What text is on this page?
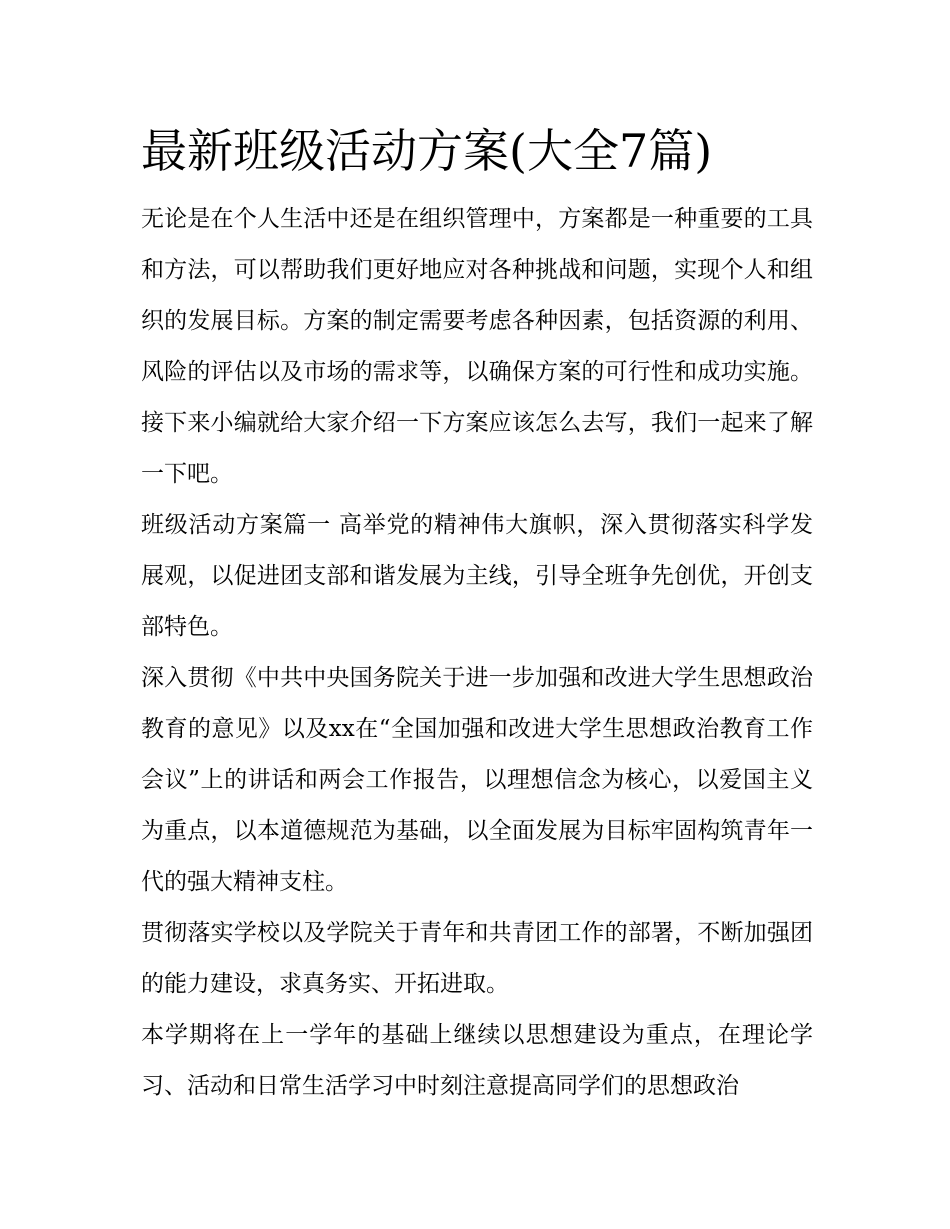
最新班级活动方案(大全7篇)

无论是在个人生活中还是在组织管理中，方案都是一种重要的工具和方法，可以帮助我们更好地应对各种挑战和问题，实现个人和组织的发展目标。方案的制定需要考虑各种因素，包括资源的利用、风险的评估以及市场的需求等，以确保方案的可行性和成功实施。接下来小编就给大家介绍一下方案应该怎么去写，我们一起来了解一下吧。

班级活动方案篇一 高举党的精神伟大旗帜，深入贯彻落实科学发展观，以促进团支部和谐发展为主线，引导全班争先创优，开创支部特色。

深入贯彻《中共中央国务院关于进一步加强和改进大学生思想政治教育的意见》以及xx在“全国加强和改进大学生思想政治教育工作会议”上的讲话和两会工作报告，以理想信念为核心，以爱国主义为重点，以本道德规范为基础，以全面发展为目标牢固构筑青年一代的强大精神支柱。

贯彻落实学校以及学院关于青年和共青团工作的部署，不断加强团的能力建设，求真务实、开拓进取。

本学期将在上一学年的基础上继续以思想建设为重点，在理论学习、活动和日常生活学习中时刻注意提高同学们的思想政治
